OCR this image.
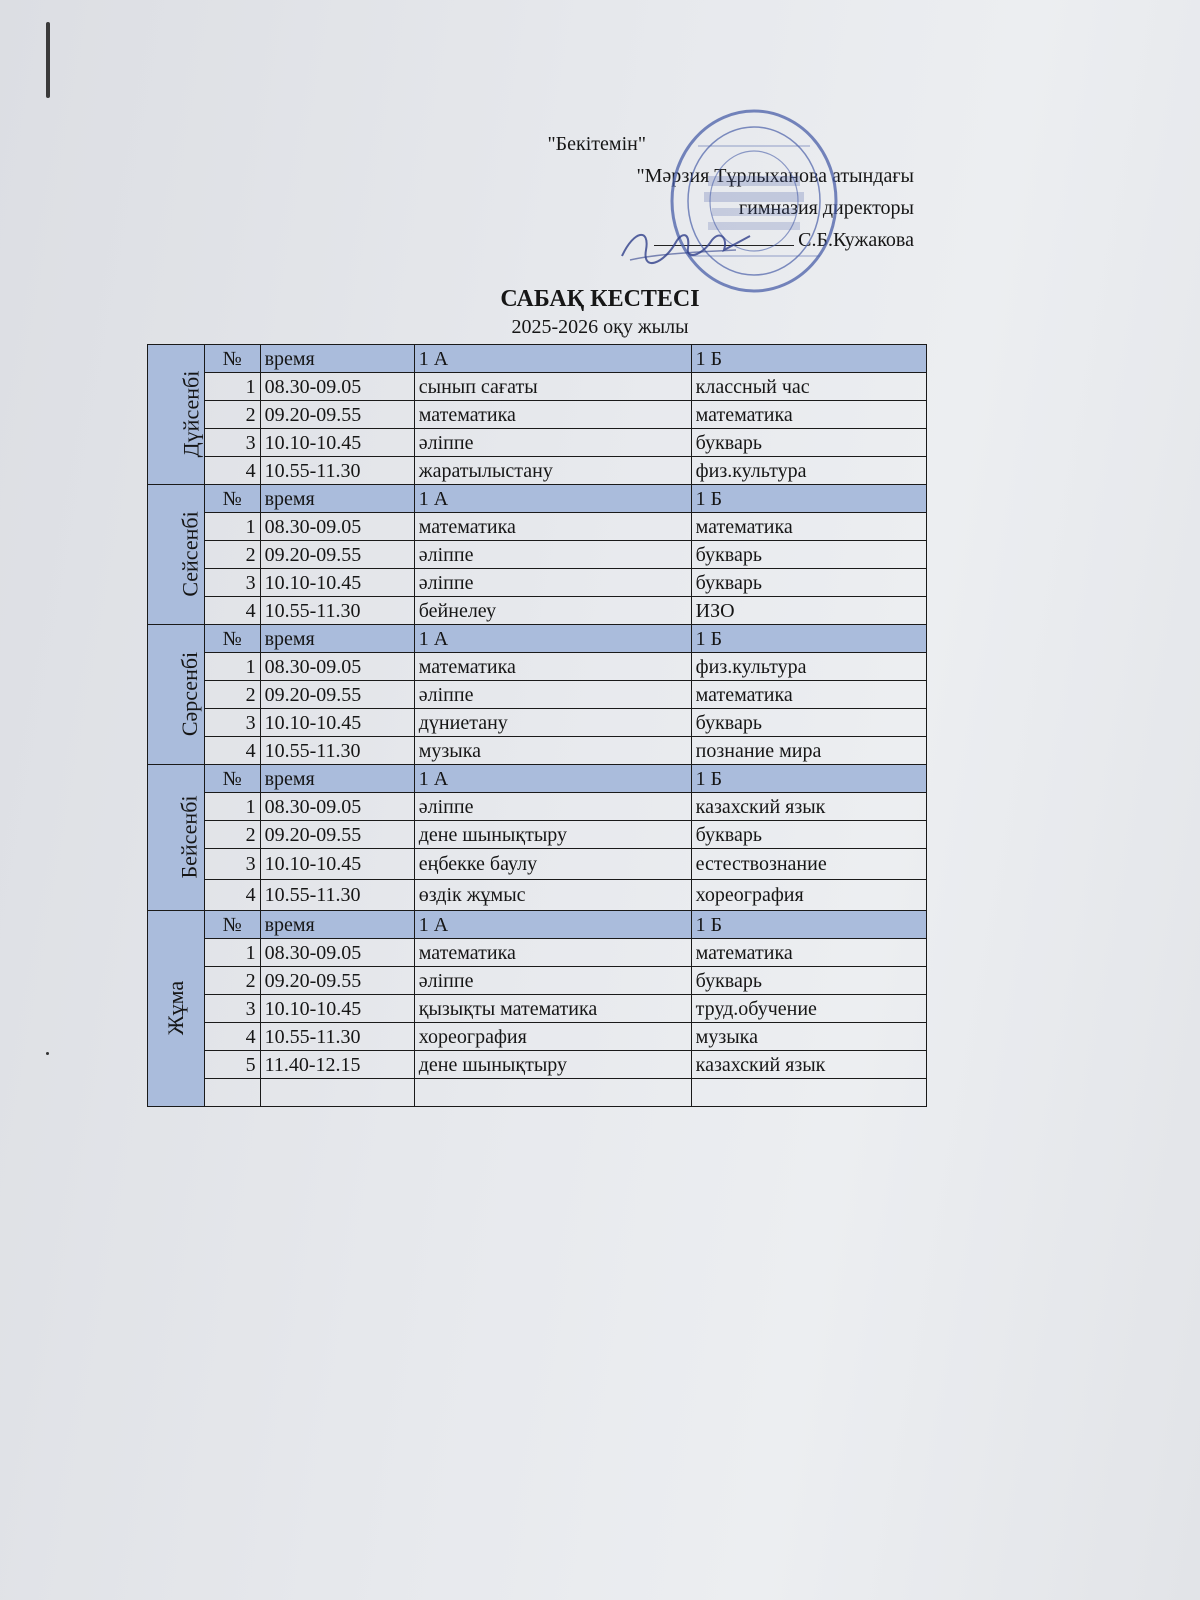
"Бекітемін"
"Мәрзия Тұрлыханова атындағы
гимназия директоры
С.Б.Кужакова
САБАҚ КЕСТЕСІ
2025-2026 оқу жылы
Дүйсенбі	№	время	1 А	1 Б
	1	08.30-09.05	сынып сағаты	классный час
	2	09.20-09.55	математика	математика
	3	10.10-10.45	әліппе	букварь
	4	10.55-11.30	жаратылыстану	физ.культура
Сейсенбі	№	время	1 А	1 Б
	1	08.30-09.05	математика	математика
	2	09.20-09.55	әліппе	букварь
	3	10.10-10.45	әліппе	букварь
	4	10.55-11.30	бейнелеу	ИЗО
Сәрсенбі	№	время	1 А	1 Б
	1	08.30-09.05	математика	физ.культура
	2	09.20-09.55	әліппе	математика
	3	10.10-10.45	дүниетану	букварь
	4	10.55-11.30	музыка	познание мира
Бейсенбі	№	время	1 А	1 Б
	1	08.30-09.05	әліппе	казахский язык
	2	09.20-09.55	дене шынықтыру	букварь
	3	10.10-10.45	еңбекке баулу	естествознание
	4	10.55-11.30	өздік жұмыс	хореография
Жұма	№	время	1 А	1 Б
	1	08.30-09.05	математика	математика
	2	09.20-09.55	әліппе	букварь
	3	10.10-10.45	қызықты математика	труд.обучение
	4	10.55-11.30	хореография	музыка
	5	11.40-12.15	дене шынықтыру	казахский язык
